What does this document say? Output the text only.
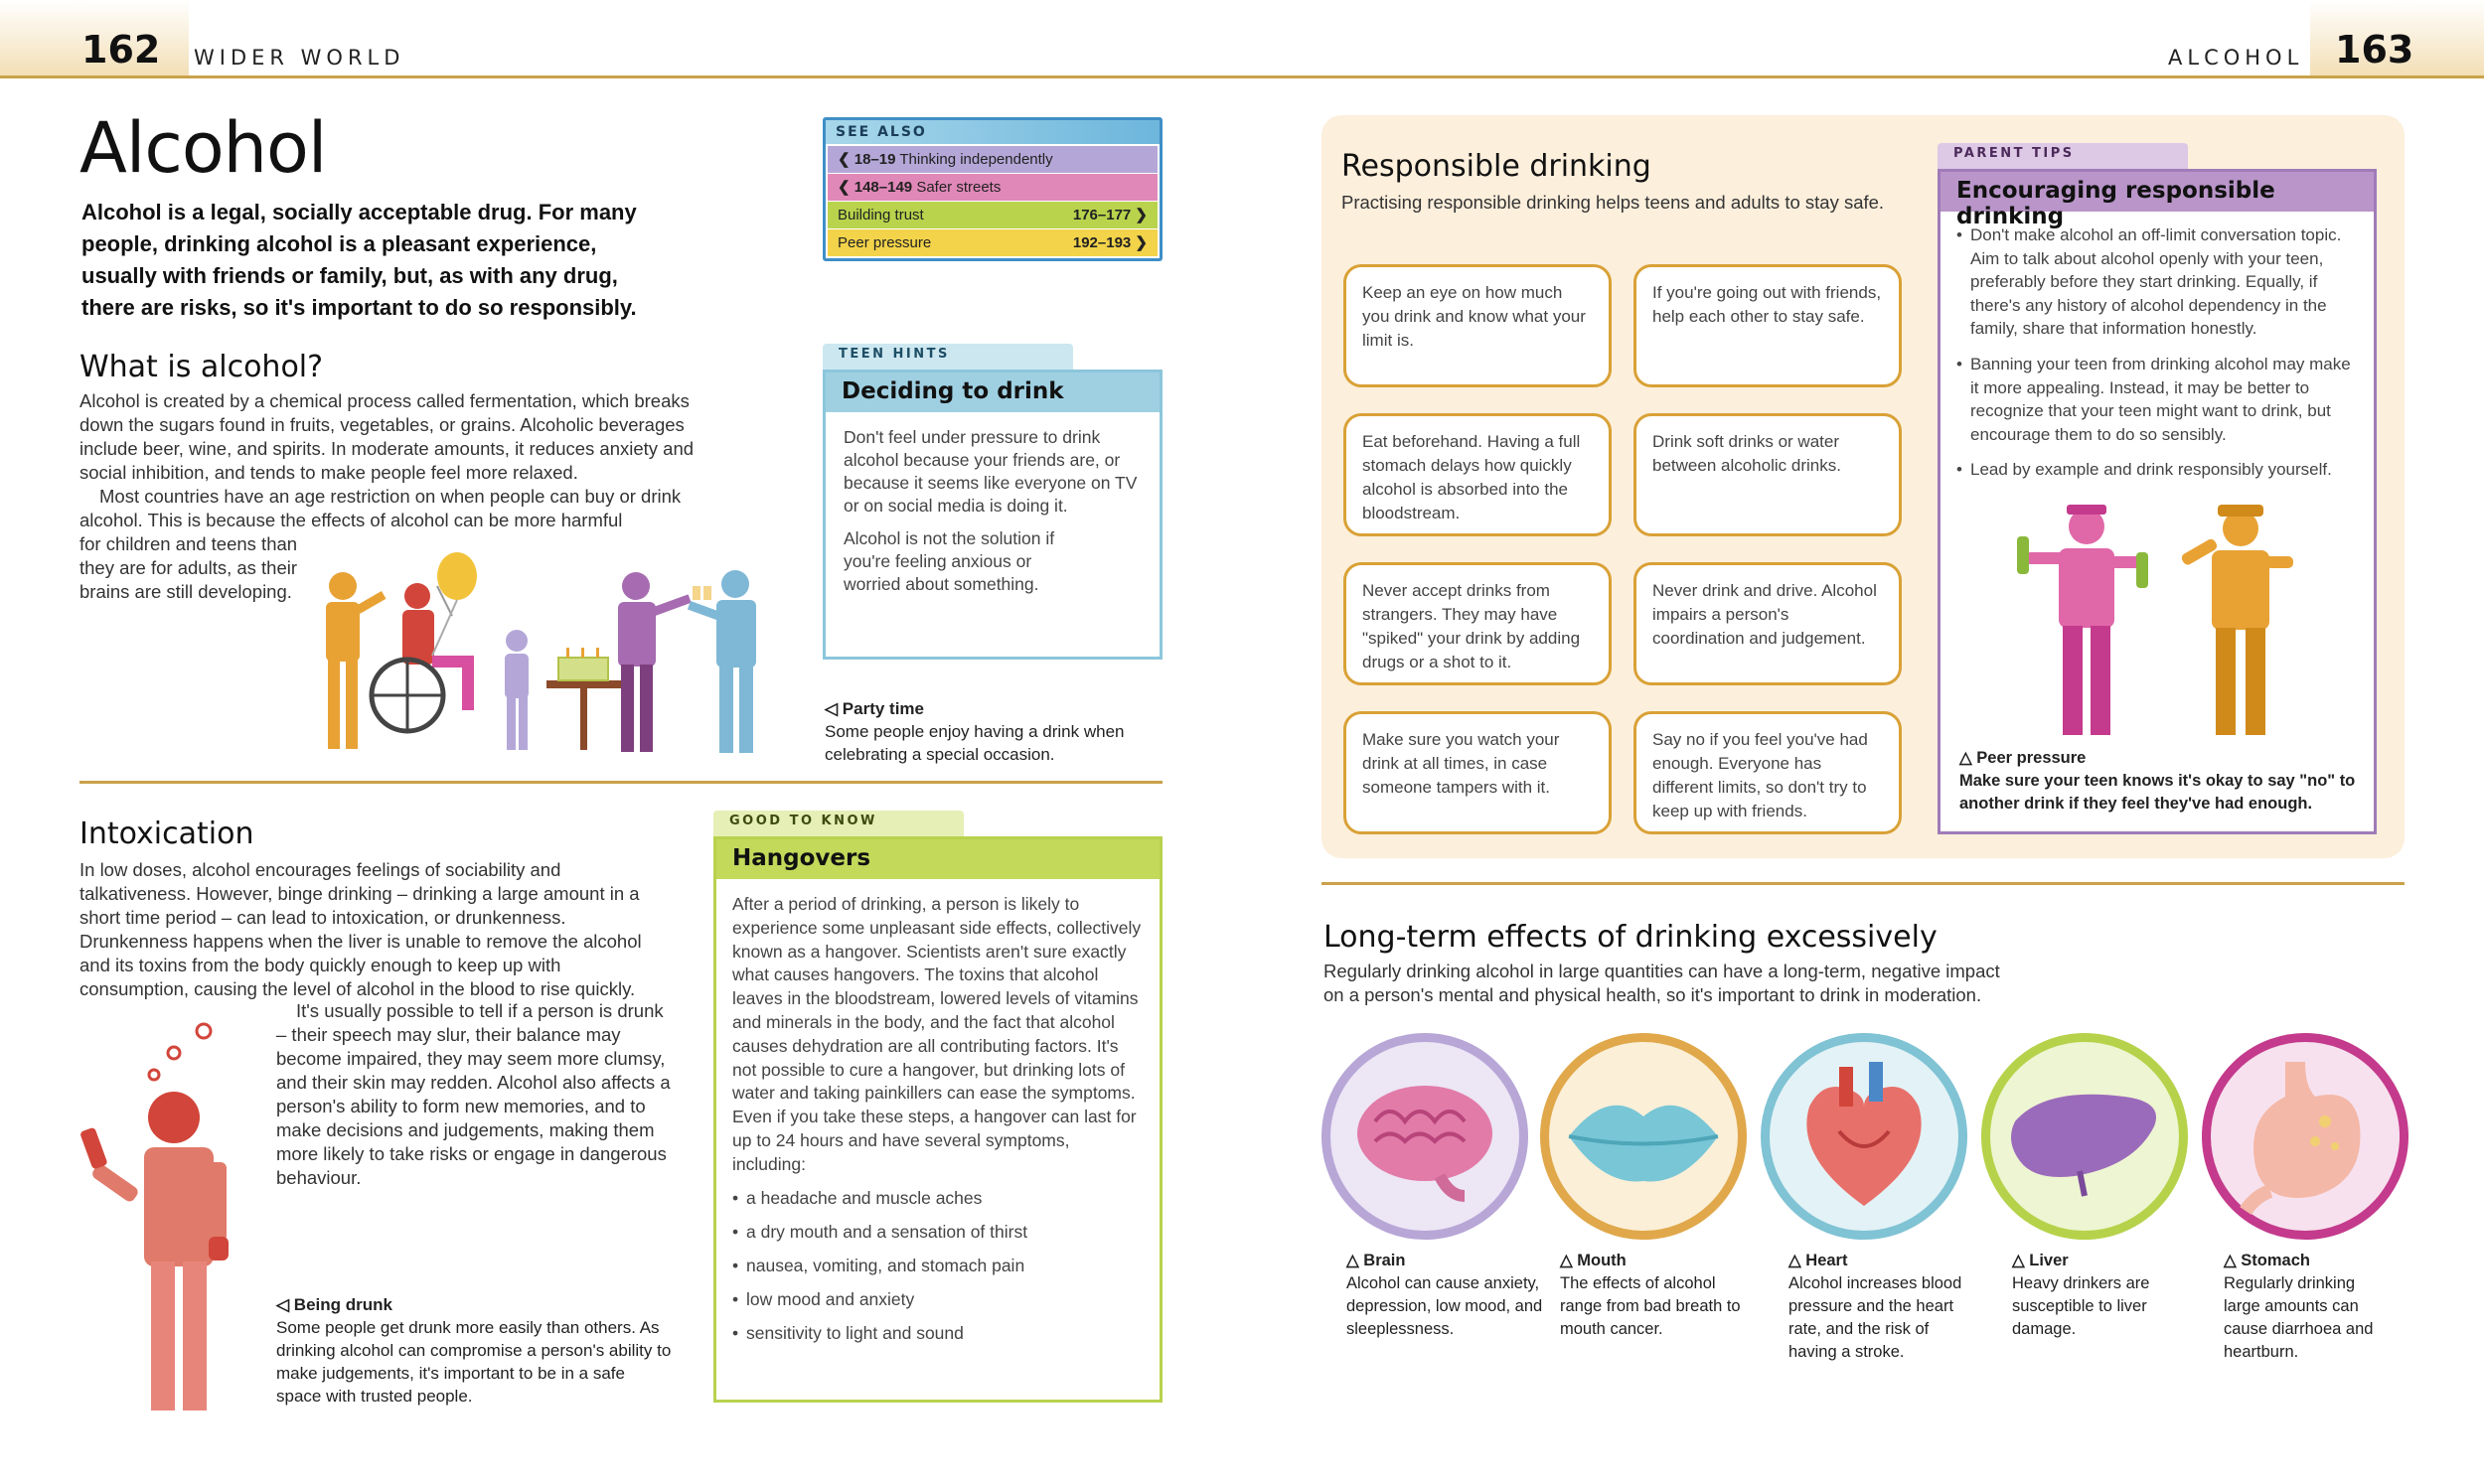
162 WIDER WORLD	ALCOHOL 163
Alcohol
Alcohol is a legal, socially acceptable drug. For many people, drinking alcohol is a pleasant experience, usually with friends or family, but, as with any drug, there are risks, so it's important to do so responsibly.
SEE ALSO
❮ 18–19 Thinking independently
❮ 148–149 Safer streets
Building trust	176–177 ❯
Peer pressure	192–193 ❯
What is alcohol?
Alcohol is created by a chemical process called fermentation, which breaks down the sugars found in fruits, vegetables, or grains. Alcoholic beverages include beer, wine, and spirits. In moderate amounts, it reduces anxiety and social inhibition, and tends to make people feel more relaxed.
Most countries have an age restriction on when people can buy or drink alcohol. This is because the effects of alcohol can be more harmful
for children and teens than they are for adults, as their brains are still developing.
TEEN HINTS
Deciding to drink
Don't feel under pressure to drink alcohol because your friends are, or because it seems like everyone on TV or on social media is doing it.
Alcohol is not the solution if you're feeling anxious or worried about something.
◁ Party time
Some people enjoy having a drink when celebrating a special occasion.
Intoxication
In low doses, alcohol encourages feelings of sociability and talkativeness. However, binge drinking – drinking a large amount in a short time period – can lead to intoxication, or drunkenness. Drunkenness happens when the liver is unable to remove the alcohol and its toxins from the body quickly enough to keep up with consumption, causing the level of alcohol in the blood to rise quickly.
It's usually possible to tell if a person is drunk – their speech may slur, their balance may become impaired, they may seem more clumsy, and their skin may redden. Alcohol also affects a person's ability to form new memories, and to make decisions and judgements, making them more likely to take risks or engage in dangerous behaviour.
◁ Being drunk
Some people get drunk more easily than others. As drinking alcohol can compromise a person's ability to make judgements, it's important to be in a safe space with trusted people.
GOOD TO KNOW
Hangovers
After a period of drinking, a person is likely to experience some unpleasant side effects, collectively known as a hangover. Scientists aren't sure exactly what causes hangovers. The toxins that alcohol leaves in the bloodstream, lowered levels of vitamins and minerals in the body, and the fact that alcohol causes dehydration are all contributing factors. It's not possible to cure a hangover, but drinking lots of water and taking painkillers can ease the symptoms. Even if you take these steps, a hangover can last for up to 24 hours and have several symptoms, including:
• a headache and muscle aches
• a dry mouth and a sensation of thirst
• nausea, vomiting, and stomach pain
• low mood and anxiety
• sensitivity to light and sound
Responsible drinking
Practising responsible drinking helps teens and adults to stay safe.
Keep an eye on how much you drink and know what your limit is.
If you're going out with friends, help each other to stay safe.
Eat beforehand. Having a full stomach delays how quickly alcohol is absorbed into the bloodstream.
Drink soft drinks or water between alcoholic drinks.
Never accept drinks from strangers. They may have "spiked" your drink by adding drugs or a shot to it.
Never drink and drive. Alcohol impairs a person's coordination and judgement.
Make sure you watch your drink at all times, in case someone tampers with it.
Say no if you feel you've had enough. Everyone has different limits, so don't try to keep up with friends.
PARENT TIPS
Encouraging responsible drinking
• Don't make alcohol an off-limit conversation topic. Aim to talk about alcohol openly with your teen, preferably before they start drinking. Equally, if there's any history of alcohol dependency in the family, share that information honestly.
• Banning your teen from drinking alcohol may make it more appealing. Instead, it may be better to recognize that your teen might want to drink, but encourage them to do so sensibly.
• Lead by example and drink responsibly yourself.
△ Peer pressure
Make sure your teen knows it's okay to say "no" to another drink if they feel they've had enough.
Long-term effects of drinking excessively
Regularly drinking alcohol in large quantities can have a long-term, negative impact on a person's mental and physical health, so it's important to drink in moderation.
△ Brain
Alcohol can cause anxiety, depression, low mood, and sleeplessness.
△ Mouth
The effects of alcohol range from bad breath to mouth cancer.
△ Heart
Alcohol increases blood pressure and the heart rate, and the risk of having a stroke.
△ Liver
Heavy drinkers are susceptible to liver damage.
△ Stomach
Regularly drinking large amounts can cause diarrhoea and heartburn.
